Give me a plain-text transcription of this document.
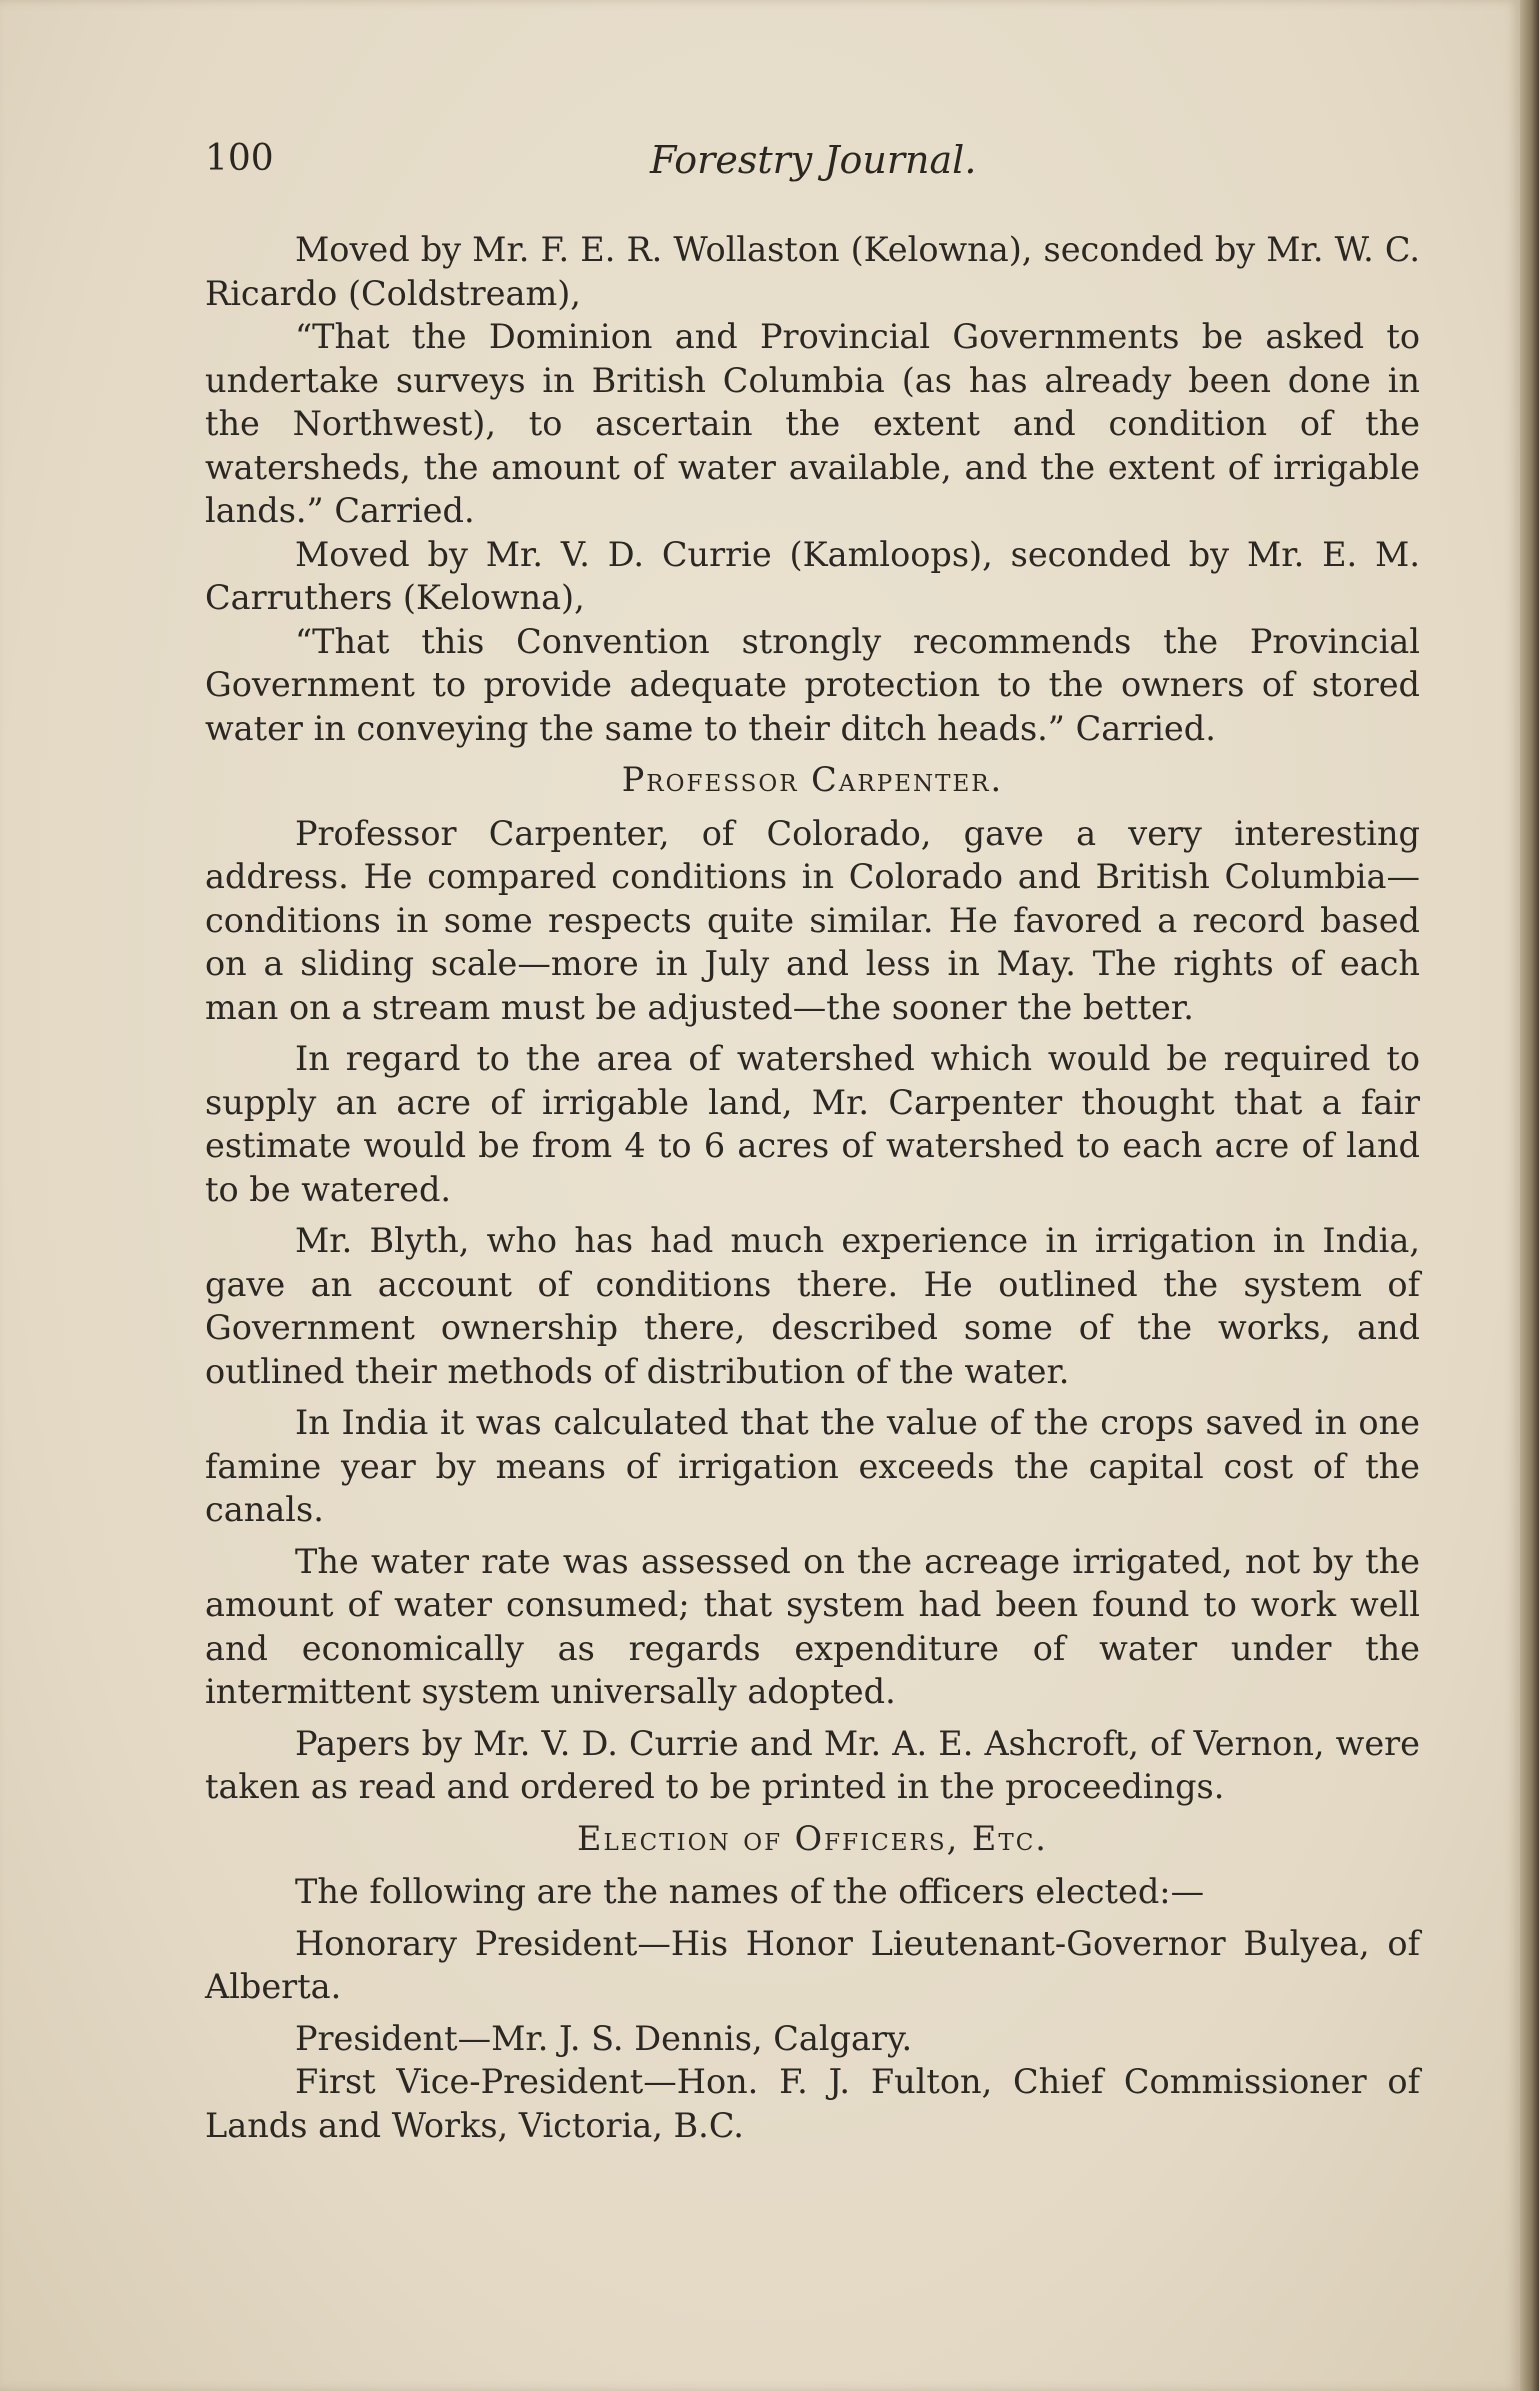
100	Forestry Journal.

Moved by Mr. F. E. R. Wollaston (Kelowna), seconded by Mr. W. C. Ricardo (Coldstream),

“That the Dominion and Provincial Governments be asked to undertake surveys in British Columbia (as has already been done in the Northwest), to ascertain the extent and condition of the watersheds, the amount of water available, and the extent of irrigable lands.” Carried.

Moved by Mr. V. D. Currie (Kamloops), seconded by Mr. E. M. Carruthers (Kelowna),

“That this Convention strongly recommends the Provincial Government to provide adequate protection to the owners of stored water in conveying the same to their ditch heads.” Carried.

Professor Carpenter.

Professor Carpenter, of Colorado, gave a very interesting address. He compared conditions in Colorado and British Columbia—conditions in some respects quite similar. He favored a record based on a sliding scale—more in July and less in May. The rights of each man on a stream must be adjusted—the sooner the better.

In regard to the area of watershed which would be required to supply an acre of irrigable land, Mr. Carpenter thought that a fair estimate would be from 4 to 6 acres of watershed to each acre of land to be watered.

Mr. Blyth, who has had much experience in irrigation in India, gave an account of conditions there. He outlined the system of Government ownership there, described some of the works, and outlined their methods of distribution of the water.

In India it was calculated that the value of the crops saved in one famine year by means of irrigation exceeds the capital cost of the canals.

The water rate was assessed on the acreage irrigated, not by the amount of water consumed; that system had been found to work well and economically as regards expenditure of water under the intermittent system universally adopted.

Papers by Mr. V. D. Currie and Mr. A. E. Ashcroft, of Vernon, were taken as read and ordered to be printed in the proceedings.

Election of Officers, Etc.

The following are the names of the officers elected:—

Honorary President—His Honor Lieutenant-Governor Bulyea, of Alberta.

President—Mr. J. S. Dennis, Calgary.

First Vice-President—Hon. F. J. Fulton, Chief Commissioner of Lands and Works, Victoria, B.C.
